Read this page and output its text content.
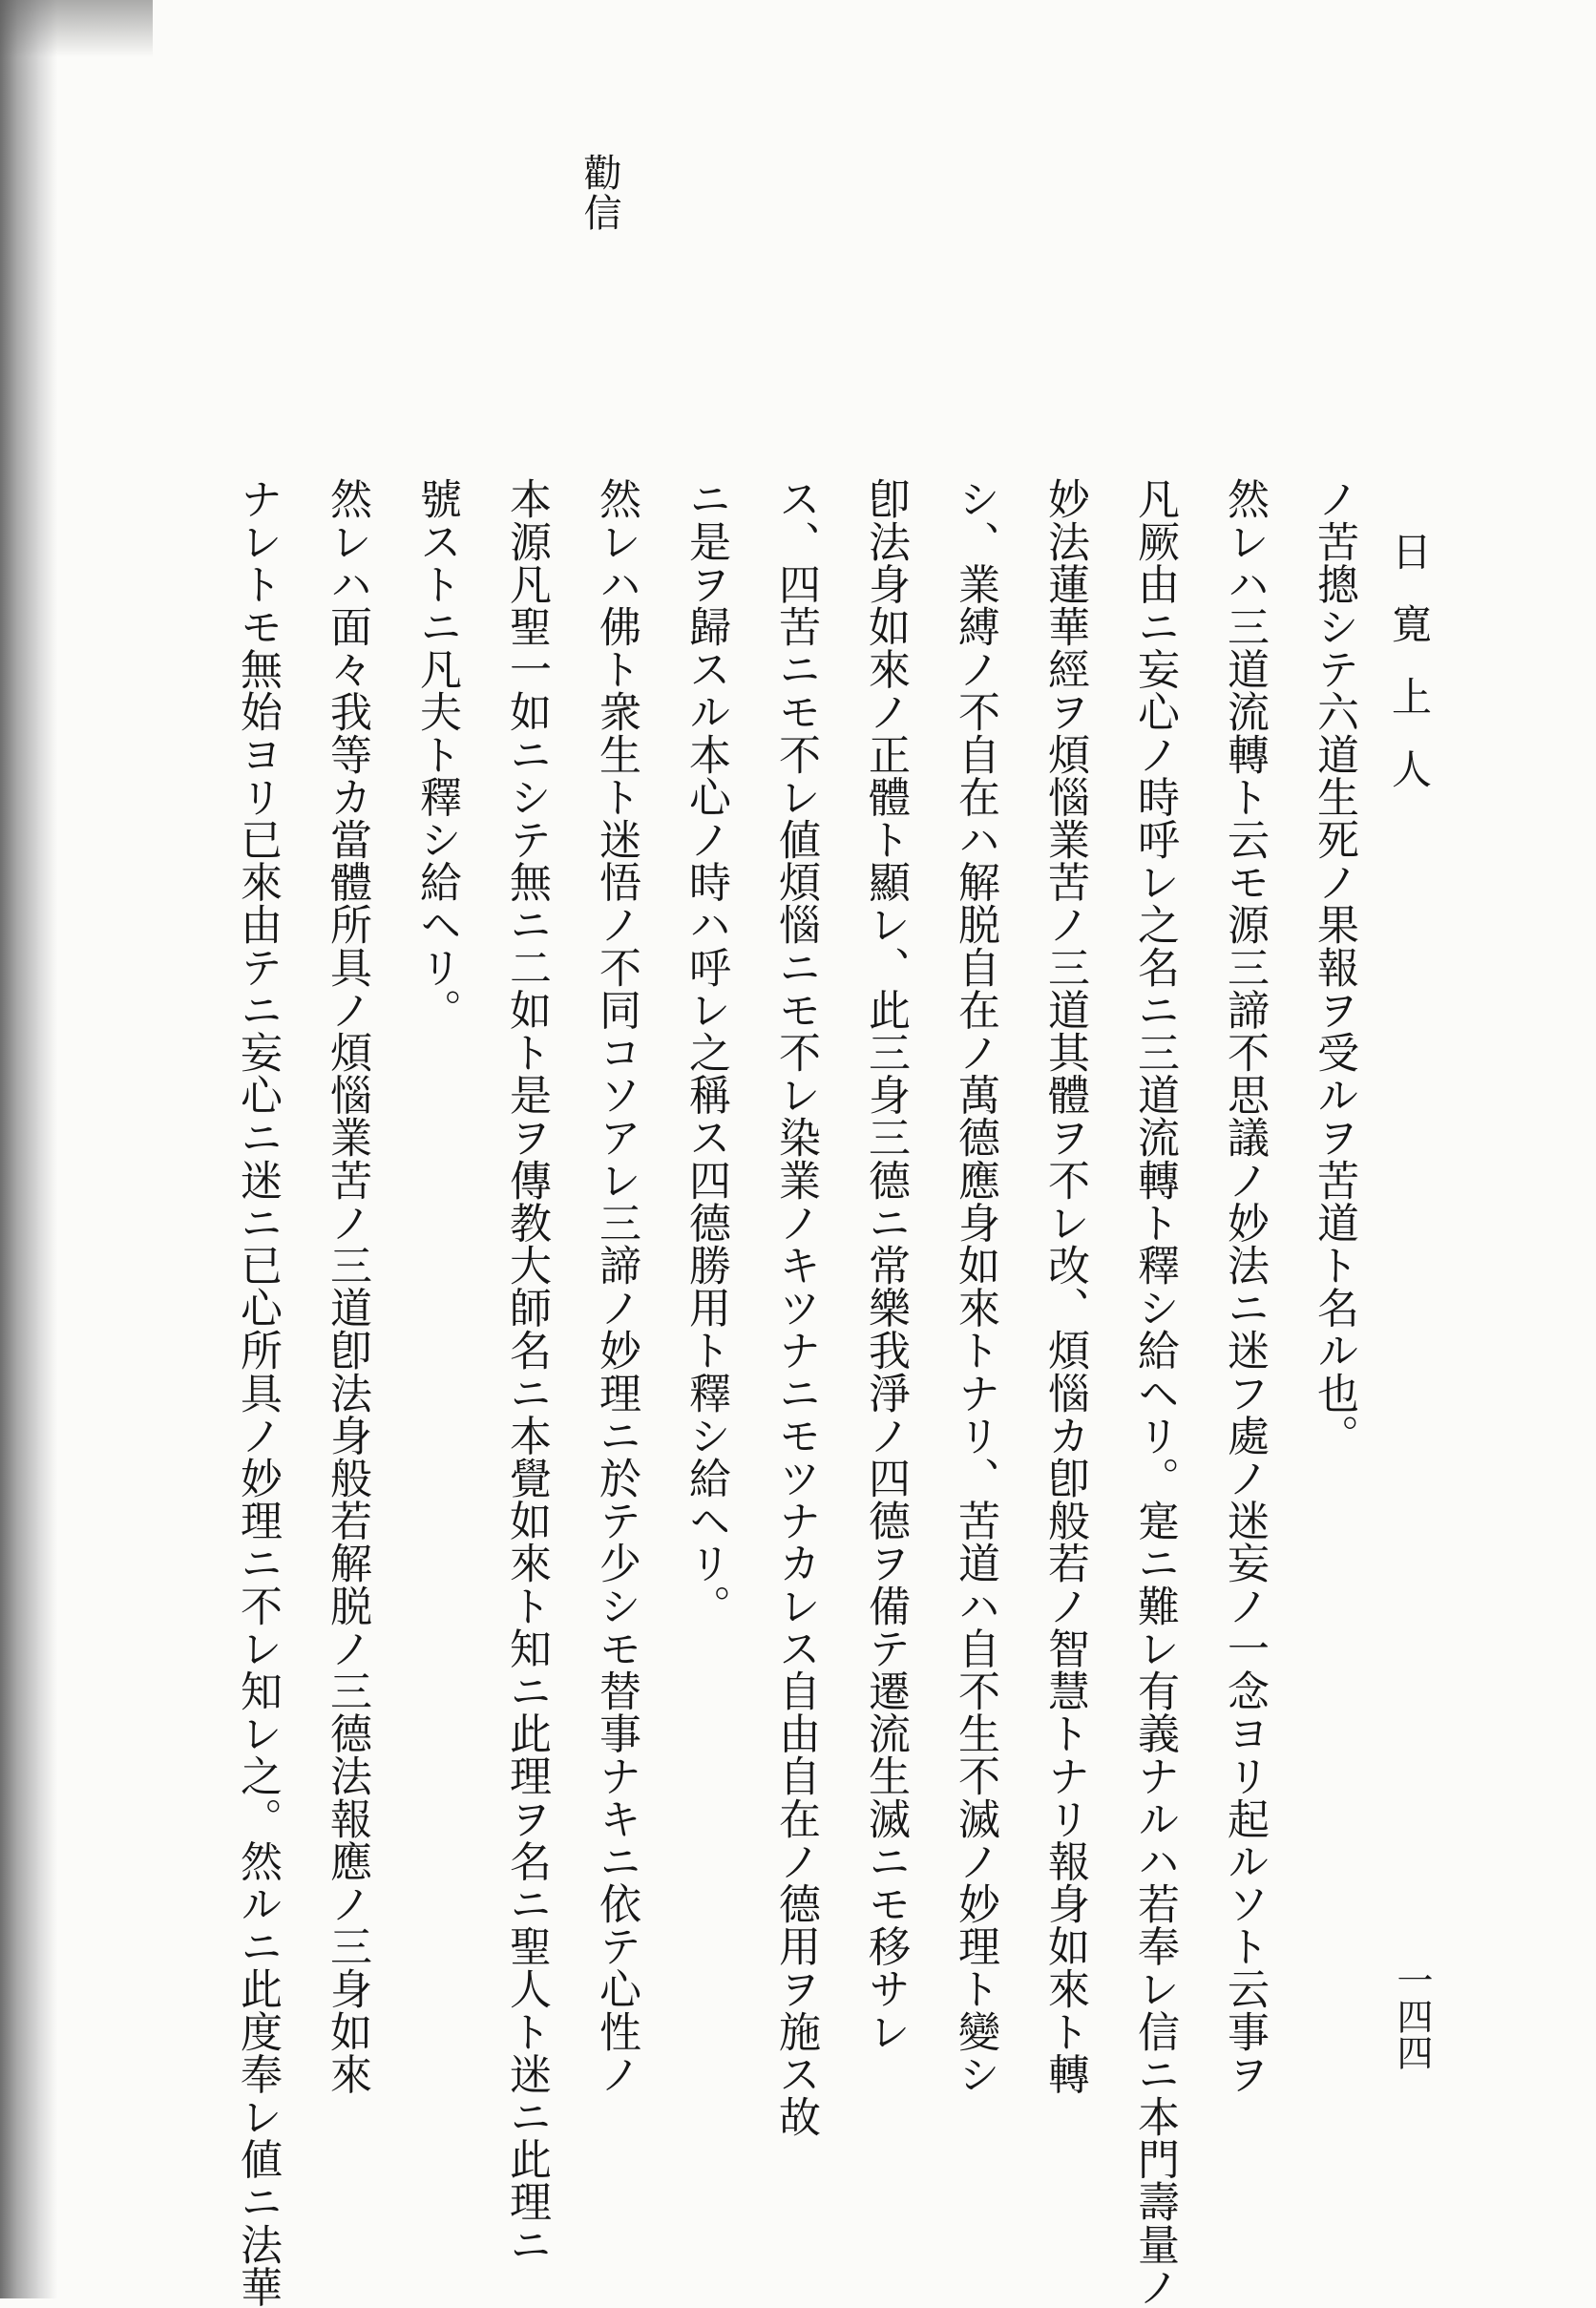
日寛上人
一四四
勸信
ノ苦摠シテ六道生死ノ果報ヲ受ルヲ苦道ト名ル也。
然レハ三道流轉ト云モ源三諦不思議ノ妙法ニ迷フ處ノ迷妄ノ一念ヨリ起ルソト云事ヲ
凡厥由ニ妄心ノ時呼レ之名ニ三道流轉ト釋シ給ヘリ。寔ニ難レ有義ナルハ若奉レ信ニ本門壽量ノ
妙法蓮華經ヲ煩惱業苦ノ三道其體ヲ不レ改、煩惱カ卽般若ノ智慧トナリ報身如來ト轉
シ、業縛ノ不自在ハ解脱自在ノ萬德應身如來トナリ、苦道ハ自不生不滅ノ妙理ト變シ
卽法身如來ノ正體ト顯レ、此三身三德ニ常樂我淨ノ四德ヲ備テ遷流生滅ニモ移サレ
ス、四苦ニモ不レ値煩惱ニモ不レ染業ノキツナニモツナカレス自由自在ノ德用ヲ施ス故
ニ是ヲ歸スル本心ノ時ハ呼レ之稱ス四德勝用ト釋シ給ヘリ。
然レハ佛ト衆生ト迷悟ノ不同コソアレ三諦ノ妙理ニ於テ少シモ替事ナキニ依テ心性ノ
本源凡聖一如ニシテ無ニ二如ト是ヲ傳教大師名ニ本覺如來ト知ニ此理ヲ名ニ聖人ト迷ニ此理ニ
號ストニ凡夫ト釋シ給ヘリ。
然レハ面々我等カ當體所具ノ煩惱業苦ノ三道卽法身般若解脱ノ三德法報應ノ三身如來
ナレトモ無始ヨリ已來由テニ妄心ニ迷ニ已心所具ノ妙理ニ不レ知レ之。然ルニ此度奉レ値ニ法華
